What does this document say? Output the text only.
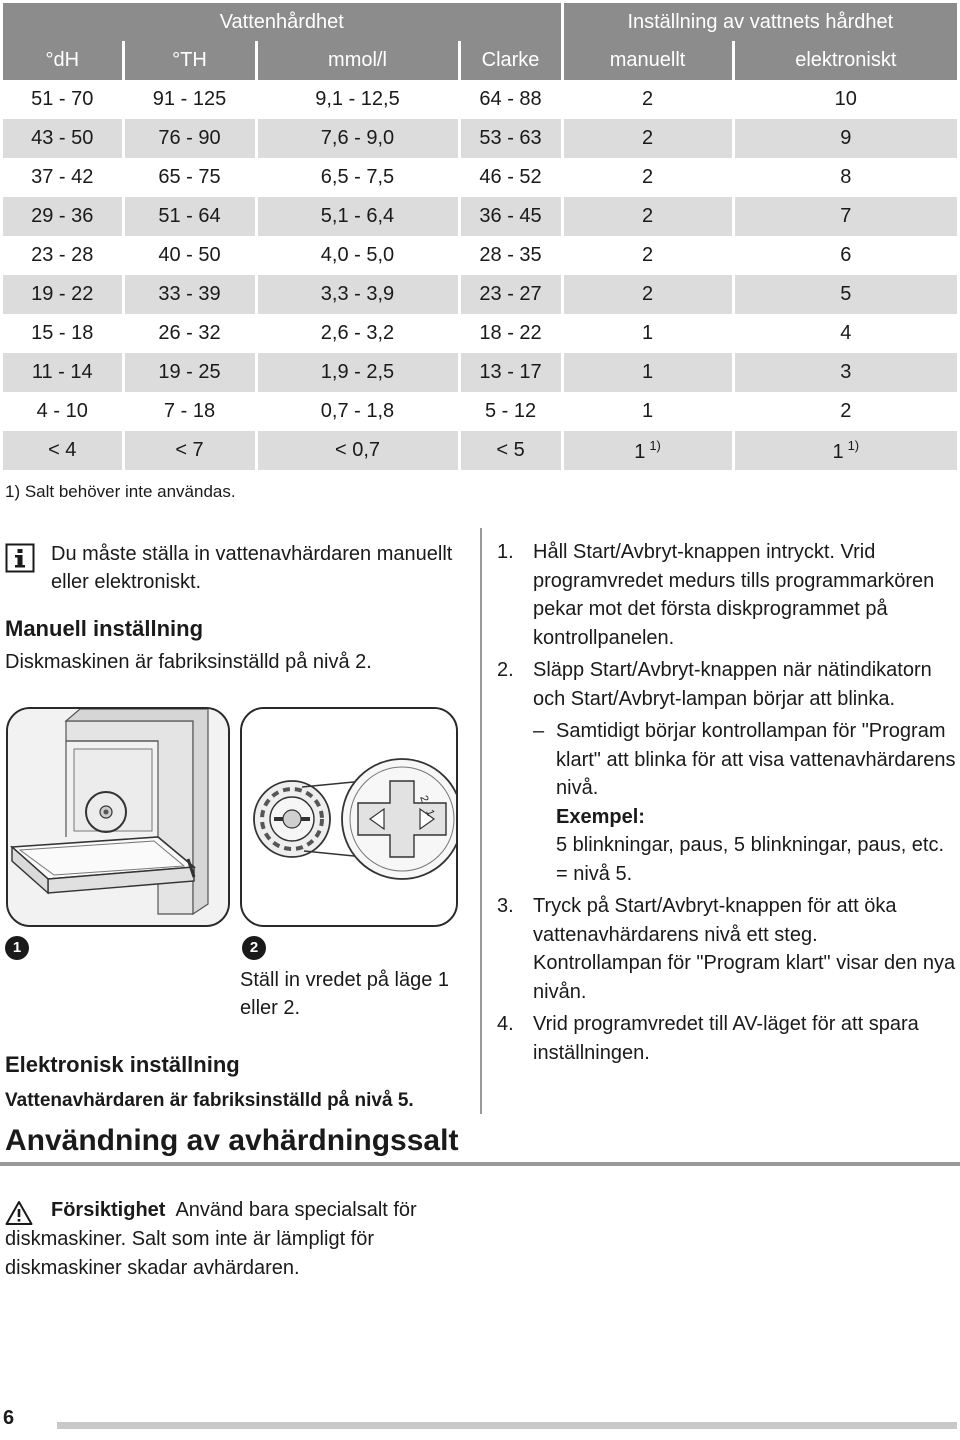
Vattenhårdhet				Inställning av vattnets hårdhet	
°dH	°TH	mmol/l	Clarke	manuellt	elektroniskt
51 - 70	91 - 125	9,1 - 12,5	64 - 88	2	10
43 - 50	76 - 90	7,6 - 9,0	53 - 63	2	9
37 - 42	65 - 75	6,5 - 7,5	46 - 52	2	8
29 - 36	51 - 64	5,1 - 6,4	36 - 45	2	7
23 - 28	40 - 50	4,0 - 5,0	28 - 35	2	6
19 - 22	33 - 39	3,3 - 3,9	23 - 27	2	5
15 - 18	26 - 32	2,6 - 3,2	18 - 22	1	4
11 - 14	19 - 25	1,9 - 2,5	13 - 17	1	3
4 - 10	7 - 18	0,7 - 1,8	5 - 12	1	2
< 4	< 7	< 0,7	< 5	1 $^{1)}$	1 $^{1)}$
1) Salt behöver inte användas.
Du måste ställa in vattenavhärdaren manuellt eller elektroniskt.
Manuell inställning
Diskmaskinen är fabriksinställd på nivå 2.
2
1
1	2
Ställ in vredet på läge 1 eller 2.
Elektronisk inställning
Vattenavhärdaren är fabriksinställd på nivå 5.
1. Håll Start/Avbryt-knappen intryckt. Vrid programvredet medurs tills programmarkören pekar mot det första diskprogrammet på kontrollpanelen.
2. Släpp Start/Avbryt-knappen när nätindikatorn och Start/Avbryt-lampan börjar att blinka.
– Samtidigt börjar kontrollampan för "Program klart" att blinka för att visa vattenavhärdarens nivå.
Exempel:
5 blinkningar, paus, 5 blinkningar, paus, etc. = nivå 5.
3. Tryck på Start/Avbryt-knappen för att öka vattenavhärdarens nivå ett steg.
Kontrollampan för "Program klart" visar den nya nivån.
4. Vrid programvredet till AV-läget för att spara inställningen.
Användning av avhärdningssalt
Försiktighet Använd bara specialsalt för diskmaskiner. Salt som inte är lämpligt för diskmaskiner skadar avhärdaren.
6
